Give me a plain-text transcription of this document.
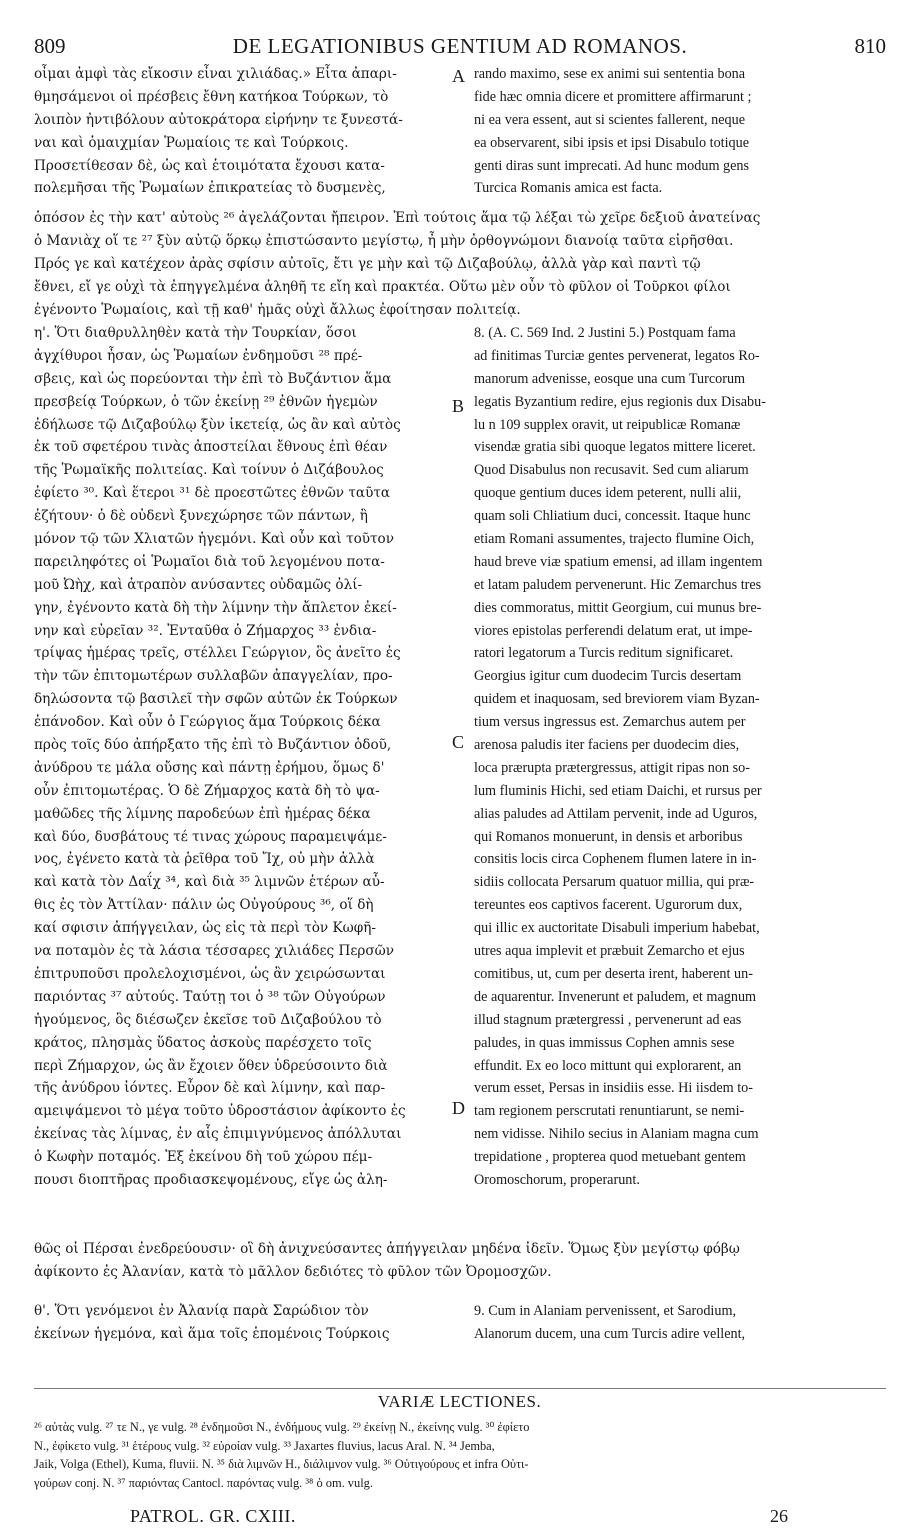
809	DE LEGATIONIBUS GENTIUM AD ROMANOS.	810
οἶμαι ἀμφὶ τὰς εἴκοσιν εἶναι χιλιάδας.» Εἶτα ἀπαρι-
θμησάμενοι οἱ πρέσβεις ἔθνη κατήκοα Τούρκων, τὸ
λοιπὸν ἠντιβόλουν αὐτοκράτορα εἰρήνην τε ξυνεστά-
ναι καὶ ὁμαιχμίαν Ῥωμαίοις τε καὶ Τούρκοις.
Προσετίθεσαν δὲ, ὡς καὶ ἑτοιμότατα ἔχουσι κατα-
πολεμῆσαι τῆς Ῥωμαίων ἐπικρατείας τὸ δυσμενὲς,
rando maximo, sese ex animi sui sententia bona
fide hæc omnia dicere et promittere affirmarunt ;
ni ea vera essent, aut si scientes fallerent, neque
ea observarent, sibi ipsis et ipsi Disabulo totique
genti diras sunt imprecati. Ad hunc modum gens
Turcica Romanis amica est facta.
A
ὁπόσον ἐς τὴν κατ' αὐτοὺς ²⁶ ἀγελάζονται ἤπειρον. Ἐπὶ τούτοις ἅμα τῷ λέξαι τὼ χεῖρε δεξιοῦ ἀνατείνας
ὁ Μανιὰχ οἵ τε ²⁷ ξὺν αὐτῷ ὅρκῳ ἐπιστώσαντο μεγίστῳ, ἦ μὴν ὀρθογνώμονι διανοίᾳ ταῦτα εἰρῆσθαι.
Πρός γε καὶ κατέχεον ἀρὰς σφίσιν αὐτοῖς, ἔτι γε μὴν καὶ τῷ Διζαβούλῳ, ἀλλὰ γὰρ καὶ παντὶ τῷ
ἔθνει, εἴ γε οὐχὶ τὰ ἐπηγγελμένα ἀληθῆ τε εἴη καὶ πρακτέα. Οὕτω μὲν οὖν τὸ φῦλον οἱ Τοῦρκοι φίλοι
ἐγένοντο Ῥωμαίοις, καὶ τῇ καθ' ἡμᾶς οὐχὶ ἄλλως ἐφοίτησαν πολιτείᾳ.
η'. Ὅτι διαθρυλληθὲν κατὰ τὴν Τουρκίαν, ὅσοι
ἀγχίθυροι ἦσαν, ὡς Ῥωμαίων ἐνδημοῦσι ²⁸ πρέ-
σβεις, καὶ ὡς πορεύονται τὴν ἐπὶ τὸ Βυζάντιον ἅμα
πρεσβείᾳ Τούρκων, ὁ τῶν ἐκείνῃ ²⁹ ἐθνῶν ἡγεμὼν
ἐδήλωσε τῷ Διζαβούλῳ ξὺν ἱκετείᾳ, ὡς ἂν καὶ αὐτὸς
ἐκ τοῦ σφετέρου τινὰς ἀποστείλαι ἔθνους ἐπὶ θέαν
τῆς Ῥωμαϊκῆς πολιτείας. Καὶ τοίνυν ὁ Διζάβουλος
ἐφίετο ³⁰. Καὶ ἕτεροι ³¹ δὲ προεστῶτες ἐθνῶν ταῦτα
ἐζήτουν· ὁ δὲ οὐδενὶ ξυνεχώρησε τῶν πάντων, ἢ
μόνον τῷ τῶν Χλιατῶν ἡγεμόνι. Καὶ οὖν καὶ τοῦτον
παρειληφότες οἱ Ῥωμαῖοι διὰ τοῦ λεγομένου ποτα-
μοῦ Ὠὴχ, καὶ ἀτραπὸν ανύσαντες οὐδαμῶς ὀλί-
γην, ἐγένοντο κατὰ δὴ τὴν λίμνην τὴν ἄπλετον ἐκεί-
νην καὶ εὐρεῖαν ³². Ἐνταῦθα ὁ Ζήμαρχος ³³ ἐνδια-
τρίψας ἡμέρας τρεῖς, στέλλει Γεώργιον, ὃς ἀνεῖτο ἐς
τὴν τῶν ἐπιτομωτέρων συλλαβῶν ἀπαγγελίαν, προ-
δηλώσοντα τῷ βασιλεῖ τὴν σφῶν αὐτῶν ἐκ Τούρκων
ἐπάνοδον. Καὶ οὖν ὁ Γεώργιος ἅμα Τούρκοις δέκα
πρὸς τοῖς δύο ἀπήρξατο τῆς ἐπὶ τὸ Βυζάντιον ὁδοῦ,
ἀνύδρου τε μάλα οὔσης καὶ πάντῃ ἐρήμου, ὅμως δ'
οὖν ἐπιτομωτέρας. Ὁ δὲ Ζήμαρχος κατὰ δὴ τὸ ψα-
μαθῶδες τῆς λίμνης παροδεύων ἐπὶ ἡμέρας δέκα
καὶ δύο, δυσβάτους τέ τινας χώρους παραμειψάμε-
νος, ἐγένετο κατὰ τὰ ῥεῖθρα τοῦ Ἴχ, οὐ μὴν ἀλλὰ
καὶ κατὰ τὸν Δαΐχ ³⁴, καὶ διὰ ³⁵ λιμνῶν ἑτέρων αὖ-
θις ἐς τὸν Ἀττίλαν· πάλιν ὡς Οὐγούρους ³⁶, οἵ δὴ
καί σφισιν ἀπήγγειλαν, ὡς εἰς τὰ περὶ τὸν Κωφῆ-
να ποταμὸν ἐς τὰ λάσια τέσσαρες χιλιάδες Περσῶν
ἐπιτρυποῦσι προλελοχισμένοι, ὡς ἂν χειρώσωνται
παριόντας ³⁷ αὐτούς. Ταύτῃ τοι ὁ ³⁸ τῶν Οὐγούρων
ἡγούμενος, ὃς διέσωζεν ἐκεῖσε τοῦ Διζαβούλου τὸ
κράτος, πλησμὰς ὕδατος ἀσκοὺς παρέσχετο τοῖς
περὶ Ζήμαρχον, ὡς ἂν ἔχοιεν ὅθεν ὑδρεύσοιντο διὰ
τῆς ἀνύδρου ἰόντες. Εὗρον δὲ καὶ λίμνην, καὶ παρ-
αμειψάμενοι τὸ μέγα τοῦτο ὑδροστάσιον ἀφίκοντο ἐς
ἐκείνας τὰς λίμνας, ἐν αἷς ἐπιμιγνύμενος ἀπόλλυται
ὁ Κωφὴν ποταμός. Ἐξ ἐκείνου δὴ τοῦ χώρου πέμ-
πουσι διοπτῆρας προδιασκεψομένους, εἴγε ὡς ἀλη-
8. (A. C. 569 Ind. 2 Justini 5.) Postquam fama
ad finitimas Turciæ gentes pervenerat, legatos Ro-
manorum advenisse, eosque una cum Turcorum
legatis Byzantium redire, ejus regionis dux Disabu-
lu n 109 supplex oravit, ut reipublicæ Romanæ
visendæ gratia sibi quoque legatos mittere liceret.
Quod Disabulus non recusavit. Sed cum aliarum
quoque gentium duces idem peterent, nulli alii,
quam soli Chliatium duci, concessit. Itaque hunc
etiam Romani assumentes, trajecto flumine Oich,
haud breve viæ spatium emensi, ad illam ingentem
et latam paludem pervenerunt. Hic Zemarchus tres
dies commoratus, mittit Georgium, cui munus bre-
viores epistolas perferendi delatum erat, ut impe-
ratori legatorum a Turcis reditum significaret.
Georgius igitur cum duodecim Turcis desertam
quidem et inaquosam, sed breviorem viam Byzan-
tium versus ingressus est. Zemarchus autem per
arenosa paludis iter faciens per duodecim dies,
loca prærupta prætergressus, attigit ripas non so-
lum fluminis Hichi, sed etiam Daichi, et rursus per
alias paludes ad Attilam pervenit, inde ad Uguros,
qui Romanos monuerunt, in densis et arboribus
consitis locis circa Cophenem flumen latere in in-
sidiis collocata Persarum quatuor millia, qui præ-
tereuntes eos captivos facerent. Ugurorum dux,
qui illic ex auctoritate Disabuli imperium habebat,
utres aqua implevit et præbuit Zemarcho et ejus
comitibus, ut, cum per deserta irent, haberent un-
de aquarentur. Invenerunt et paludem, et magnum
illud stagnum prætergressi , pervenerunt ad eas
paludes, in quas immissus Cophen amnis sese
effundit. Ex eo loco mittunt qui explorarent, an
verum esset, Persas in insidiis esse. Hi iisdem to-
tam regionem perscrutati renuntiarunt, se nemi-
nem vidisse. Nihilo secius in Alaniam magna cum
trepidatione , propterea quod metuebant gentem
Oromoschorum, properarunt.
B
C
D
θῶς οἱ Πέρσαι ἐνεδρεύουσιν· οἳ δὴ ἀνιχνεύσαντες ἀπήγγειλαν μηδένα ἰδεῖν. Ὅμως ξὺν μεγίστῳ φόβῳ
ἀφίκοντο ἐς Ἀλανίαν, κατὰ τὸ μᾶλλον δεδιότες τὸ φῦλον τῶν Ὀρομοσχῶν.
θ'. Ὅτι γενόμενοι ἐν Ἀλανίᾳ παρὰ Σαρώδιον τὸν
ἐκείνων ἡγεμόνα, καὶ ἅμα τοῖς ἑπομένοις Τούρκοις
9. Cum in Alaniam pervenissent, et Sarodium,
Alanorum ducem, una cum Turcis adire vellent,
VARIÆ LECTIONES.
²⁶ αὐτὰς vulg. ²⁷ τε N., γε vulg. ²⁸ ἐνδημοῦσι N., ἐνδήμους vulg. ²⁹ ἐκείνῃ N., ἐκείνης vulg. ³⁰ ἐφίετο
N., ἐφίκετο vulg. ³¹ ἑτέρους vulg. ³² εὐροίαν vulg. ³³ Jaxartes fluvius, lacus Aral. N. ³⁴ Jemba,
Jaik, Volga (Ethel), Kuma, fluvii. N. ³⁵ διὰ λιμνῶν H., διάλιμνον vulg. ³⁶ Οὐτιγούρους et infra Οὐτι-
γούρων conj. N. ³⁷ παριόντας Cantocl. παρόντας vulg. ³⁸ ὁ om. vulg.
PATROL. GR. CXIII.	26
